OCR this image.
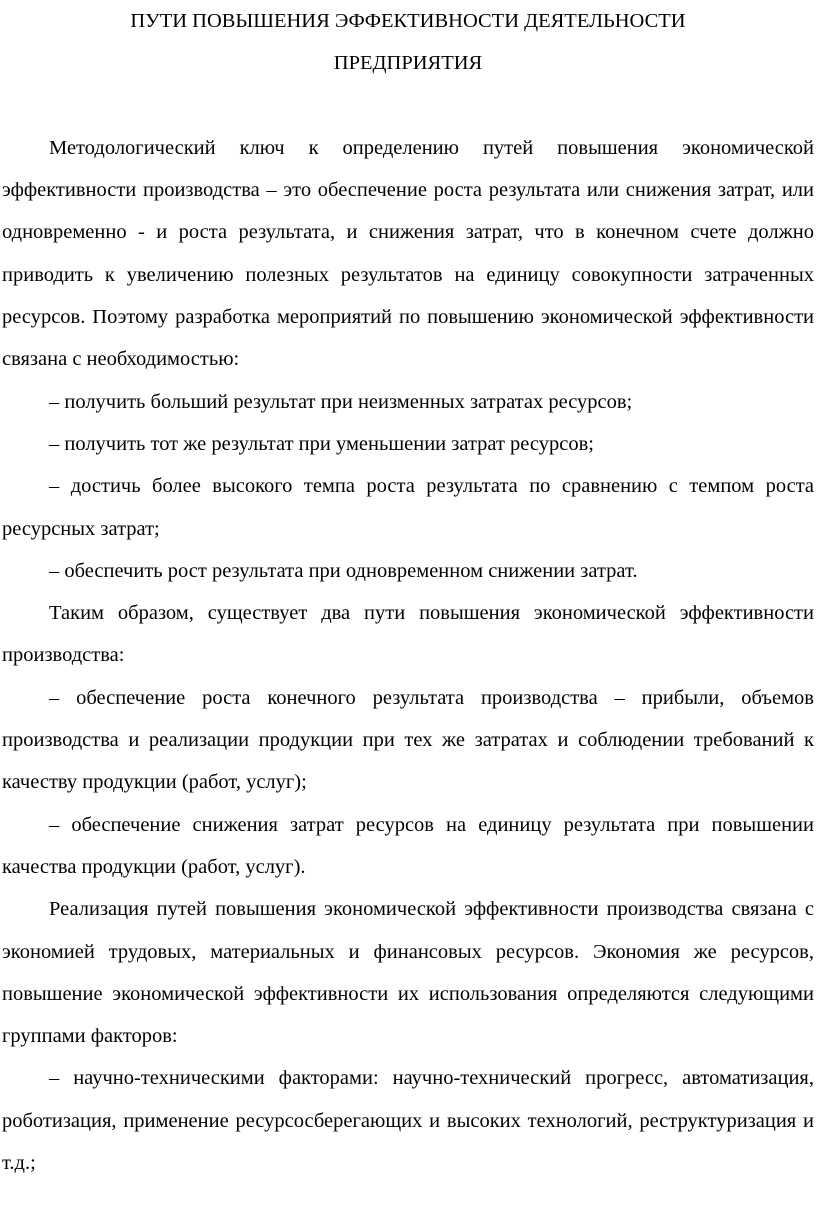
ПУТИ ПОВЫШЕНИЯ ЭФФЕКТИВНОСТИ ДЕЯТЕЛЬНОСТИ
ПРЕДПРИЯТИЯ

Методологический ключ к определению путей повышения экономической эффективности производства – это обеспечение роста результата или снижения затрат, или одновременно - и роста результата, и снижения затрат, что в конечном счете должно приводить к увеличению полезных результатов на единицу совокупности затраченных ресурсов. Поэтому разработка мероприятий по повышению экономической эффективности связана с необходимостью:

– получить больший результат при неизменных затратах ресурсов;

– получить тот же результат при уменьшении затрат ресурсов;

– достичь более высокого темпа роста результата по сравнению с темпом роста ресурсных затрат;

– обеспечить рост результата при одновременном снижении затрат.

Таким образом, существует два пути повышения экономической эффективности производства:

– обеспечение роста конечного результата производства – прибыли, объемов производства и реализации продукции при тех же затратах и соблюдении требований к качеству продукции (работ, услуг);

– обеспечение снижения затрат ресурсов на единицу результата при повышении качества продукции (работ, услуг).

Реализация путей повышения экономической эффективности производства связана с экономией трудовых, материальных и финансовых ресурсов. Экономия же ресурсов, повышение экономической эффективности их использования определяются следующими группами факторов:

– научно-техническими факторами: научно-технический прогресс, автоматизация, роботизация, применение ресурсосберегающих и высоких технологий, реструктуризация и т.д.;
